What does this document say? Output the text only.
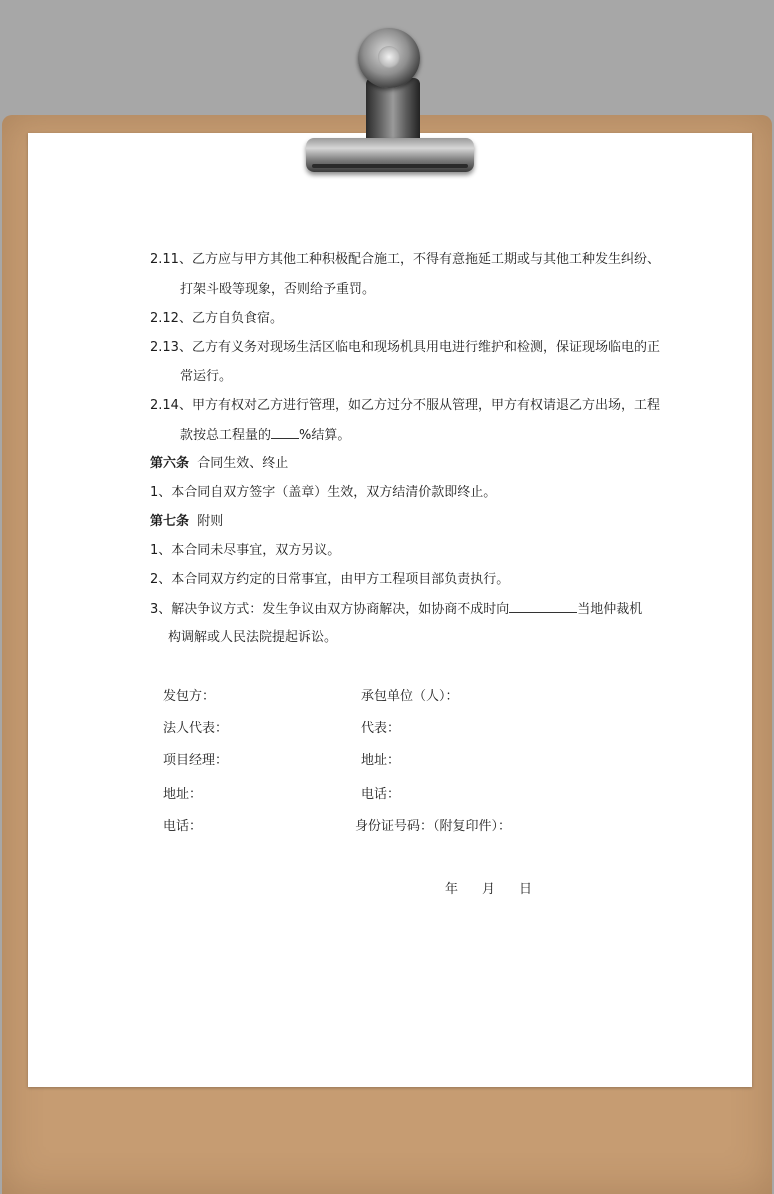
2.11、乙方应与甲方其他工种积极配合施工，不得有意拖延工期或与其他工种发生纠纷、
打架斗殴等现象，否则给予重罚。
2.12、乙方自负食宿。
2.13、乙方有义务对现场生活区临电和现场机具用电进行维护和检测，保证现场临电的正
常运行。
2.14、甲方有权对乙方进行管理，如乙方过分不服从管理，甲方有权请退乙方出场，工程
款按总工程量的 %结算。
第六条 合同生效、终止
1、本合同自双方签字（盖章）生效，双方结清价款即终止。
第七条 附则
1、本合同未尽事宜，双方另议。
2、本合同双方约定的日常事宜，由甲方工程项目部负责执行。
3、解决争议方式：发生争议由双方协商解决，如协商不成时向	当地仲裁机
构调解或人民法院提起诉讼。
发包方：
法人代表：
项目经理：
地址：
电话：
承包单位（人）：
代表：
地址：
电话：
身份证号码：（附复印件）：
年 月 日
